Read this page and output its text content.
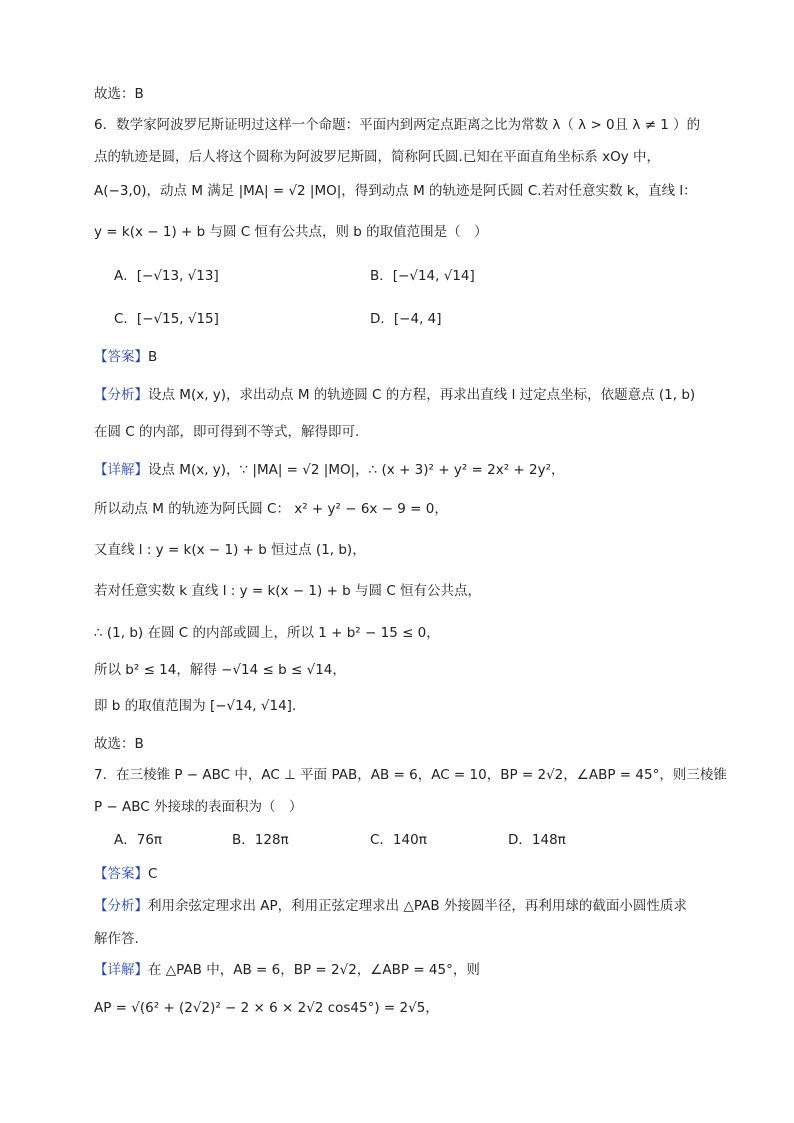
故选：B
6．数学家阿波罗尼斯证明过这样一个命题：平面内到两定点距离之比为常数 λ（ λ > 0且 λ ≠ 1 ）的
点的轨迹是圆，后人将这个圆称为阿波罗尼斯圆，简称阿氏圆.已知在平面直角坐标系 xOy 中，
A(−3,0)，动点 M 满足 |MA| = √2 |MO|，得到动点 M 的轨迹是阿氏圆 C.若对任意实数 k，直线 l：
y = k(x − 1) + b 与圆 C 恒有公共点，则 b 的取值范围是（　）
A．[−√13, √13]	B．[−√14, √14]
C．[−√15, √15]	D．[−4, 4]
【答案】B
【分析】设点 M(x, y)，求出动点 M 的轨迹圆 C 的方程，再求出直线 l 过定点坐标，依题意点 (1, b)
在圆 C 的内部，即可得到不等式，解得即可.
【详解】设点 M(x, y)，∵ |MA| = √2 |MO|，∴ (x + 3)² + y² = 2x² + 2y²，
所以动点 M 的轨迹为阿氏圆 C： x² + y² − 6x − 9 = 0，
又直线 l : y = k(x − 1) + b 恒过点 (1, b)，
若对任意实数 k 直线 l : y = k(x − 1) + b 与圆 C 恒有公共点，
∴ (1, b) 在圆 C 的内部或圆上，所以 1 + b² − 15 ≤ 0，
所以 b² ≤ 14，解得 −√14 ≤ b ≤ √14，
即 b 的取值范围为 [−√14, √14].
故选：B
7．在三棱锥 P − ABC 中，AC ⊥ 平面 PAB，AB = 6，AC = 10，BP = 2√2，∠ABP = 45°，则三棱锥
P − ABC 外接球的表面积为（　）
A．76π	B．128π	C．140π	D．148π
【答案】C
【分析】利用余弦定理求出 AP，利用正弦定理求出 △PAB 外接圆半径，再利用球的截面小圆性质求
解作答.
【详解】在 △PAB 中，AB = 6，BP = 2√2，∠ABP = 45°，则
AP = √(6² + (2√2)² − 2 × 6 × 2√2 cos45°) = 2√5，
